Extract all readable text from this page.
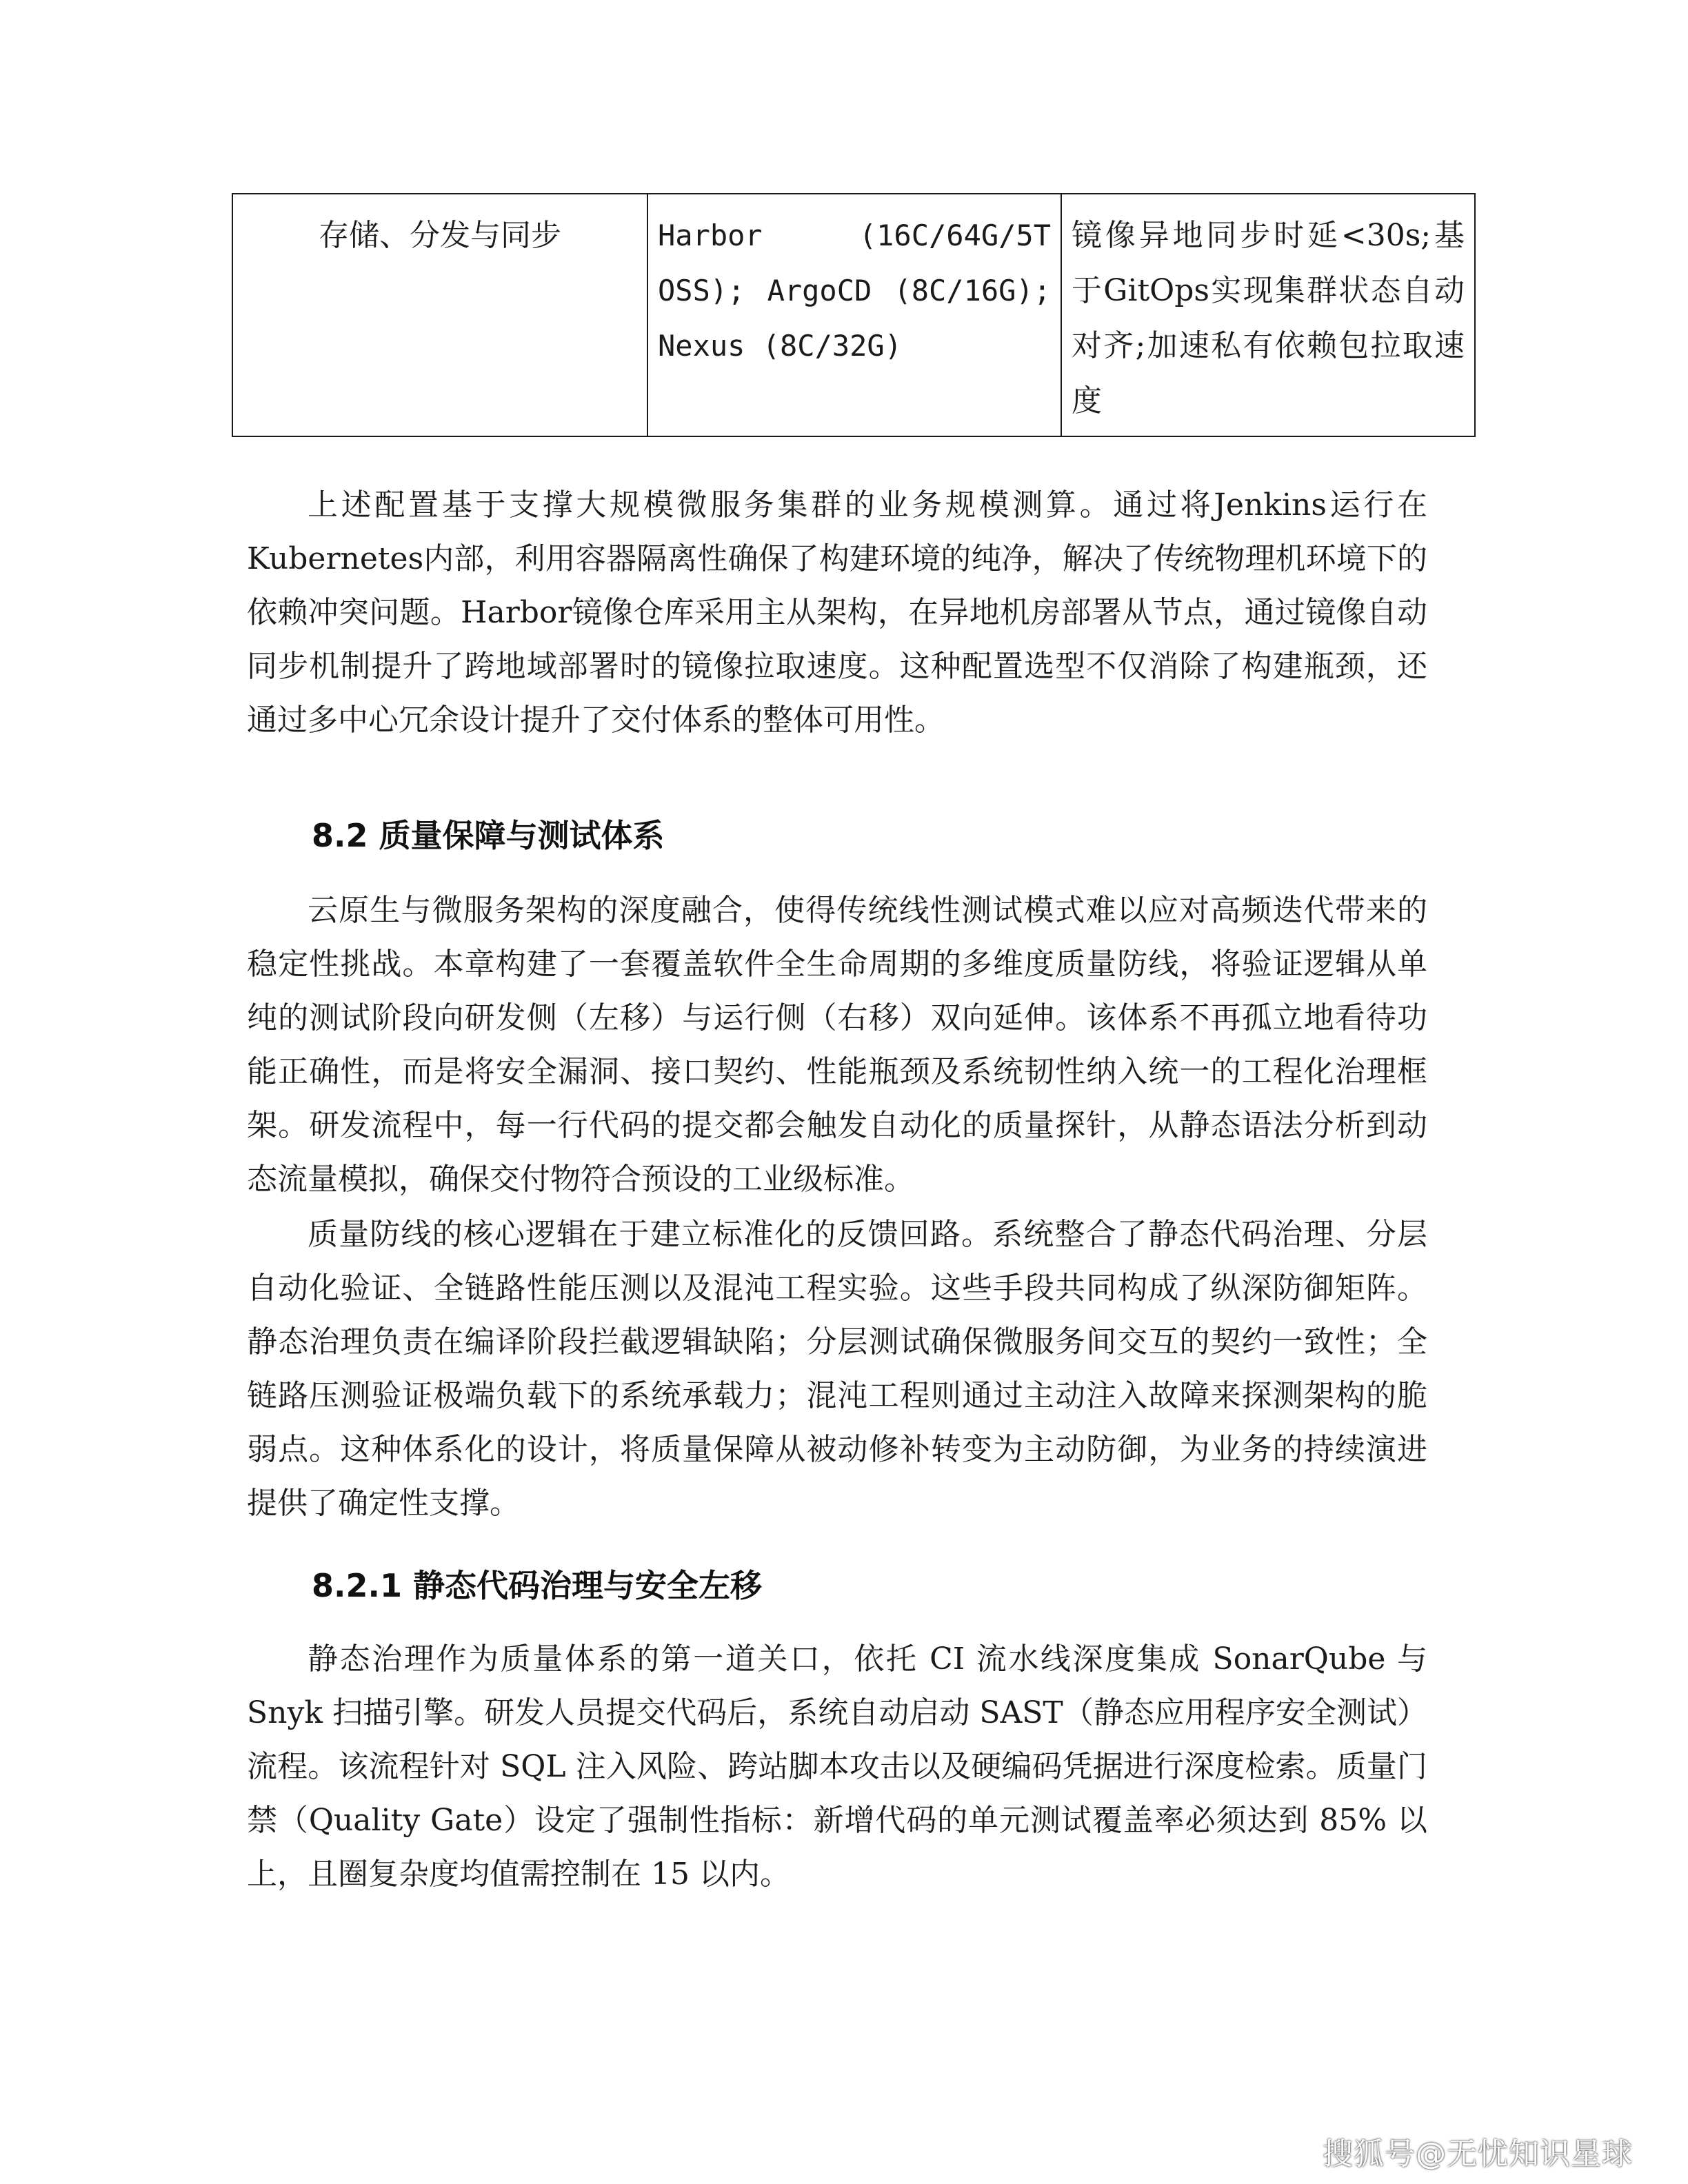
存储、分发与同步	Harbor (16C/64G/5T OSS); ArgoCD (8C/16G); Nexus (8C/32G)	镜像异地同步时延<30s;基于GitOps实现集群状态自动对齐;加速私有依赖包拉取速度
上述配置基于支撑大规模微服务集群的业务规模测算。通过将Jenkins运行在Kubernetes内部，利用容器隔离性确保了构建环境的纯净，解决了传统物理机环境下的依赖冲突问题。Harbor镜像仓库采用主从架构，在异地机房部署从节点，通过镜像自动同步机制提升了跨地域部署时的镜像拉取速度。这种配置选型不仅消除了构建瓶颈，还通过多中心冗余设计提升了交付体系的整体可用性。
8.2 质量保障与测试体系
云原生与微服务架构的深度融合，使得传统线性测试模式难以应对高频迭代带来的稳定性挑战。本章构建了一套覆盖软件全生命周期的多维度质量防线，将验证逻辑从单纯的测试阶段向研发侧（左移）与运行侧（右移）双向延伸。该体系不再孤立地看待功能正确性，而是将安全漏洞、接口契约、性能瓶颈及系统韧性纳入统一的工程化治理框架。研发流程中，每一行代码的提交都会触发自动化的质量探针，从静态语法分析到动态流量模拟，确保交付物符合预设的工业级标准。
质量防线的核心逻辑在于建立标准化的反馈回路。系统整合了静态代码治理、分层自动化验证、全链路性能压测以及混沌工程实验。这些手段共同构成了纵深防御矩阵。静态治理负责在编译阶段拦截逻辑缺陷；分层测试确保微服务间交互的契约一致性；全链路压测验证极端负载下的系统承载力；混沌工程则通过主动注入故障来探测架构的脆弱点。这种体系化的设计，将质量保障从被动修补转变为主动防御，为业务的持续演进提供了确定性支撑。
8.2.1 静态代码治理与安全左移
静态治理作为质量体系的第一道关口，依托 CI 流水线深度集成 SonarQube 与 Snyk 扫描引擎。研发人员提交代码后，系统自动启动 SAST（静态应用程序安全测试）流程。该流程针对 SQL 注入风险、跨站脚本攻击以及硬编码凭据进行深度检索。质量门禁（Quality Gate）设定了强制性指标：新增代码的单元测试覆盖率必须达到 85% 以上，且圈复杂度均值需控制在 15 以内。
搜狐号@无忧知识星球
